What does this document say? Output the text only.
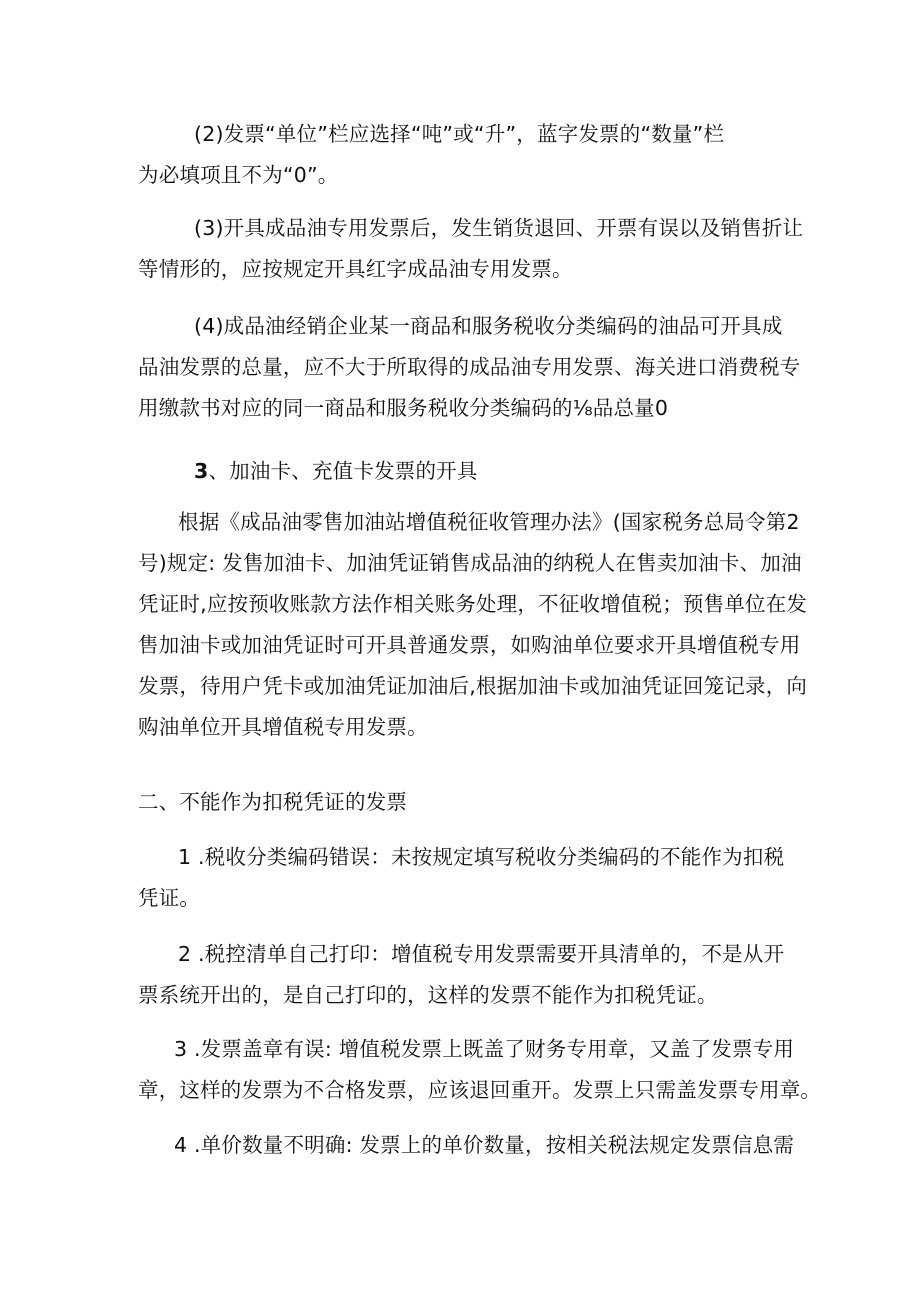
(2)发票“单位”栏应选择“吨”或“升”，蓝字发票的“数量”栏
为必填项且不为“0”。
(3)开具成品油专用发票后，发生销货退回、开票有误以及销售折让
等情形的，应按规定开具红字成品油专用发票。
(4)成品油经销企业某一商品和服务税收分类编码的油品可开具成
品油发票的总量，应不大于所取得的成品油专用发票、海关进口消费税专
用缴款书对应的同一商品和服务税收分类编码的⅛品总量0
3、加油卡、充值卡发票的开具
根据《成品油零售加油站增值税征收管理办法》(国家税务总局令第2
号)规定: 发售加油卡、加油凭证销售成品油的纳税人在售卖加油卡、加油
凭证时,应按预收账款方法作相关账务处理，不征收增值税；预售单位在发
售加油卡或加油凭证时可开具普通发票，如购油单位要求开具增值税专用
发票，待用户凭卡或加油凭证加油后,根据加油卡或加油凭证回笼记录，向
购油单位开具增值税专用发票。
二、不能作为扣税凭证的发票
1 .税收分类编码错误：未按规定填写税收分类编码的不能作为扣税
凭证。
2 .税控清单自己打印：增值税专用发票需要开具清单的，不是从开
票系统开出的，是自己打印的，这样的发票不能作为扣税凭证。
3 .发票盖章有误: 增值税发票上既盖了财务专用章，又盖了发票专用
章，这样的发票为不合格发票，应该退回重开。发票上只需盖发票专用章。
4 .单价数量不明确: 发票上的单价数量，按相关税法规定发票信息需
